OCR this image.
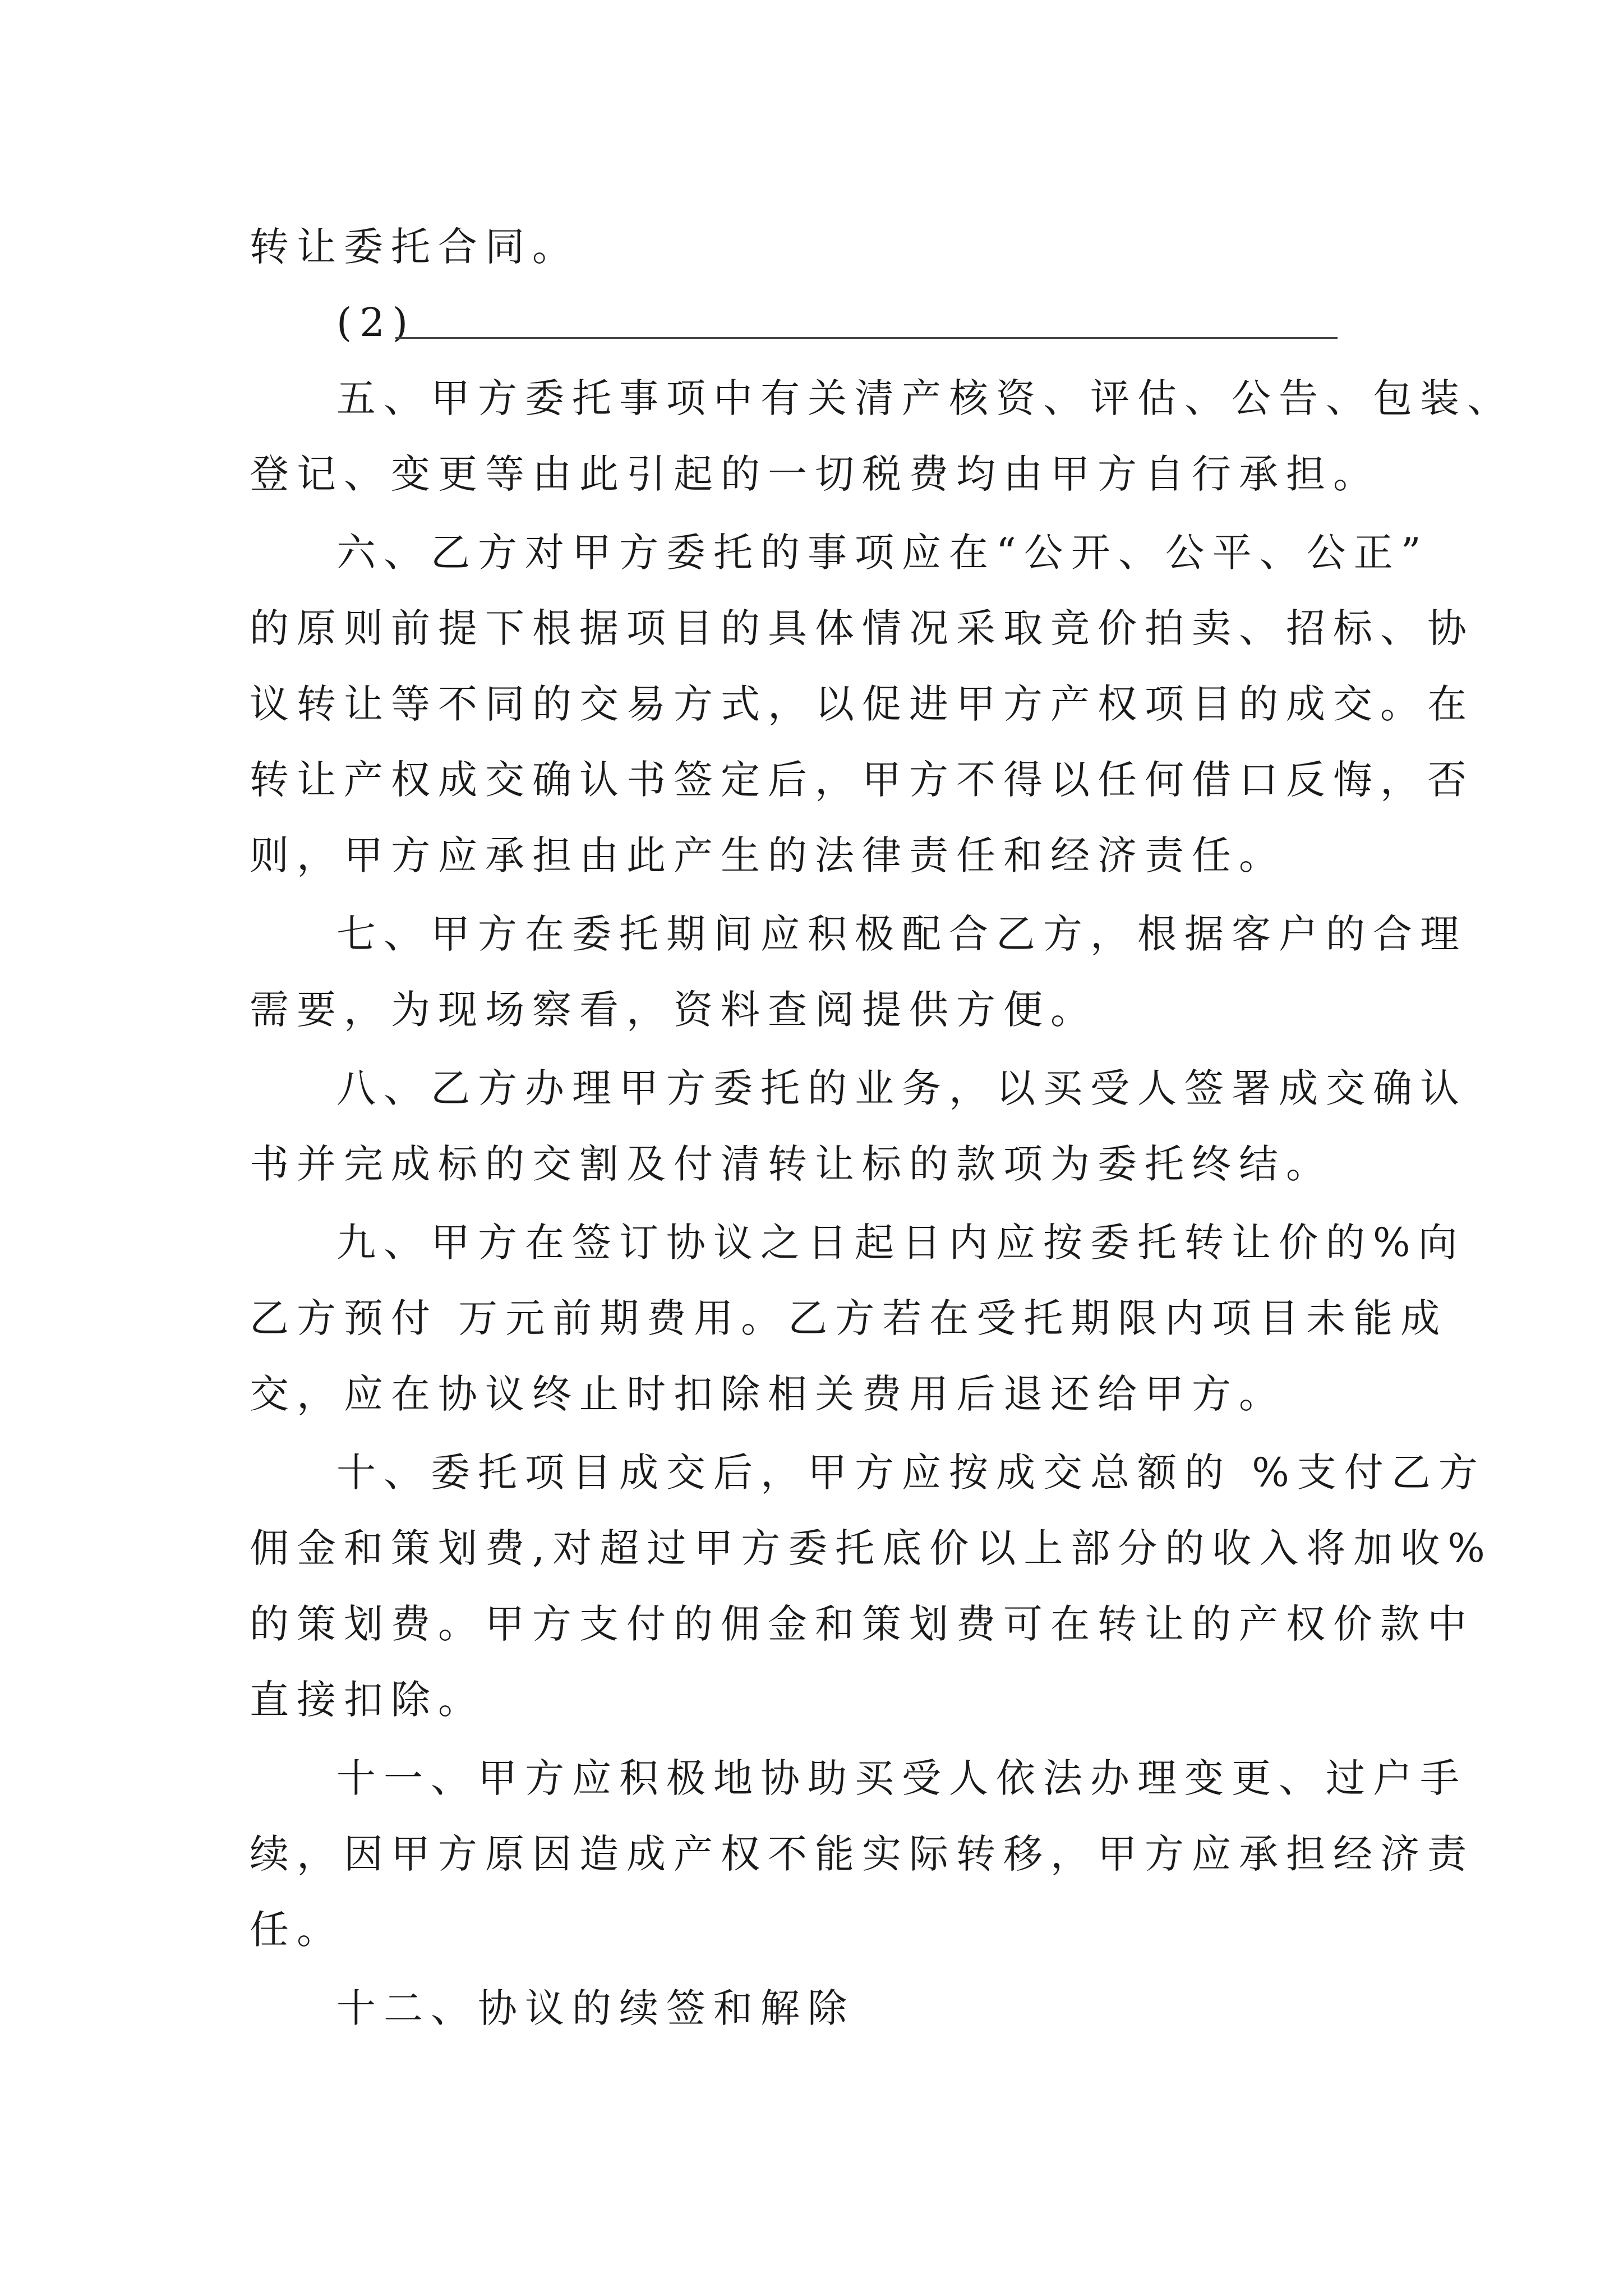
转让委托合同。
(2)
五、甲方委托事项中有关清产核资、评估、公告、包装、
登记、变更等由此引起的一切税费均由甲方自行承担。
六、乙方对甲方委托的事项应在“公开、公平、公正”
的原则前提下根据项目的具体情况采取竞价拍卖、招标、协
议转让等不同的交易方式，以促进甲方产权项目的成交。在
转让产权成交确认书签定后，甲方不得以任何借口反悔，否
则，甲方应承担由此产生的法律责任和经济责任。
七、甲方在委托期间应积极配合乙方，根据客户的合理
需要，为现场察看，资料查阅提供方便。
八、乙方办理甲方委托的业务，以买受人签署成交确认
书并完成标的交割及付清转让标的款项为委托终结。
九、甲方在签订协议之日起日内应按委托转让价的%向
乙方预付 万元前期费用。乙方若在受托期限内项目未能成
交，应在协议终止时扣除相关费用后退还给甲方。
十、委托项目成交后，甲方应按成交总额的 %支付乙方
佣金和策划费,对超过甲方委托底价以上部分的收入将加收%
的策划费。甲方支付的佣金和策划费可在转让的产权价款中
直接扣除。
十一、甲方应积极地协助买受人依法办理变更、过户手
续，因甲方原因造成产权不能实际转移，甲方应承担经济责
任。
十二、协议的续签和解除
